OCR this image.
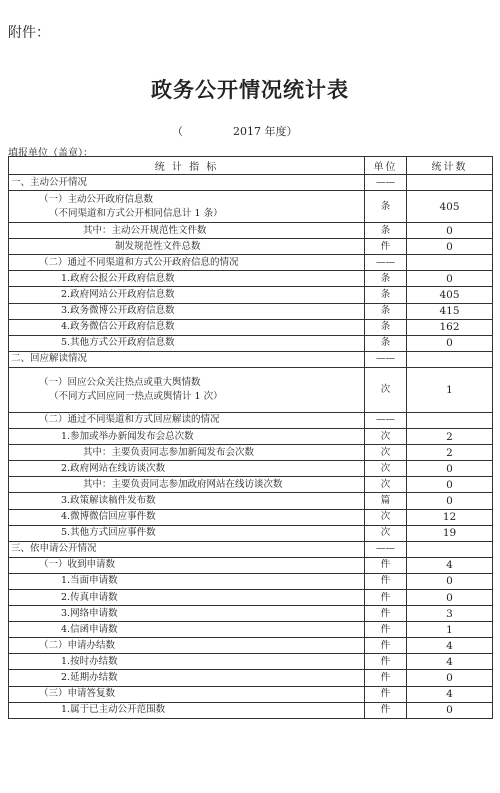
附件：
政务公开情况统计表
（	2017 年度）
填报单位（盖章）：
统 计 指 标	单位	统计数
一、主动公开情况	——	

（一）主动公开政府信息数
（不同渠道和方式公开相同信息计 1 条）	条	405
其中：主动公开规范性文件数	条	0
制发规范性文件总数	件	0
（二）通过不同渠道和方式公开政府信息的情况	——	
1.政府公报公开政府信息数	条	0
2.政府网站公开政府信息数	条	405
3.政务微博公开政府信息数	条	415
4.政务微信公开政府信息数	条	162
5.其他方式公开政府信息数	条	0
二、回应解读情况	——	

（一）回应公众关注热点或重大舆情数
（不同方式回应同一热点或舆情计 1 次）	次	1
（二）通过不同渠道和方式回应解读的情况	——	
1.参加或举办新闻发布会总次数	次	2
其中：主要负责同志参加新闻发布会次数	次	2
2.政府网站在线访谈次数	次	0
其中：主要负责同志参加政府网站在线访谈次数	次	0
3.政策解读稿件发布数	篇	0
4.微博微信回应事件数	次	12
5.其他方式回应事件数	次	19
三、依申请公开情况	——	
（一）收到申请数	件	4
1.当面申请数	件	0
2.传真申请数	件	0
3.网络申请数	件	3
4.信函申请数	件	1
（二）申请办结数	件	4
1.按时办结数	件	4
2.延期办结数	件	0
（三）申请答复数	件	4
1.属于已主动公开范围数	件	0
